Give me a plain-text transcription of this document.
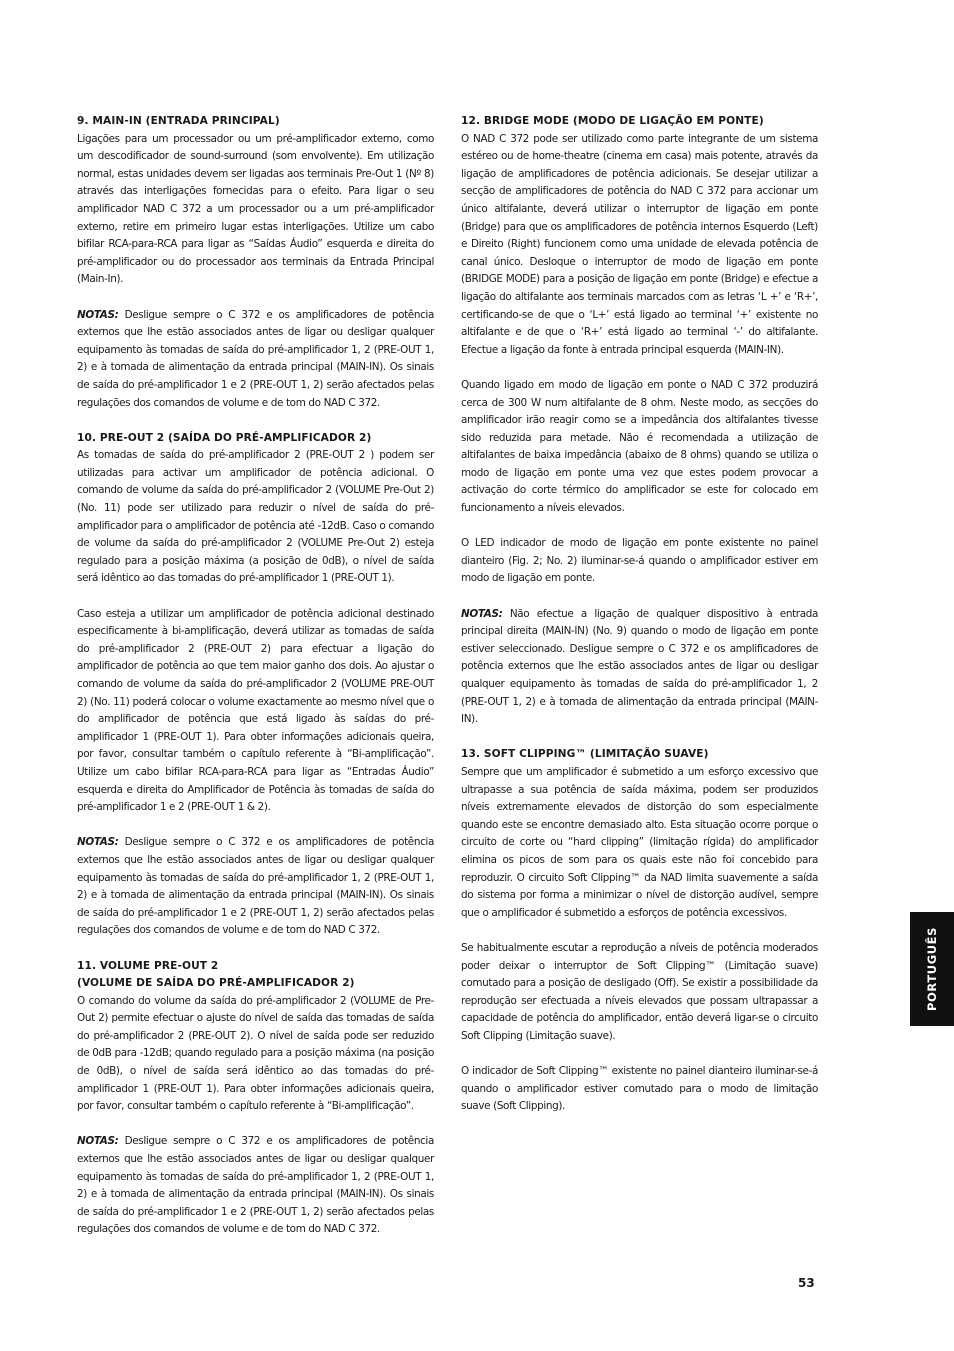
9. MAIN-IN (ENTRADA PRINCIPAL)

Ligações para um processador ou um pré-amplificador externo, como um descodificador de sound-surround (som envolvente). Em utilização normal, estas unidades devem ser ligadas aos terminais Pre-Out 1 (Nº 8) através das interligações fornecidas para o efeito. Para ligar o seu amplificador NAD C 372 a um processador ou a um pré-amplificador externo, retire em primeiro lugar estas interligações. Utilize um cabo bifilar RCA-para-RCA para ligar as “Saídas Áudio” esquerda e direita do pré-amplificador ou do processador aos terminais da Entrada Principal (Main-In).

NOTAS: Desligue sempre o C 372 e os amplificadores de potência externos que lhe estão associados antes de ligar ou desligar qualquer equipamento às tomadas de saída do pré-amplificador 1, 2 (PRE-OUT 1, 2) e à tomada de alimentação da entrada principal (MAIN-IN). Os sinais de saída do pré-amplificador 1 e 2 (PRE-OUT 1, 2) serão afectados pelas regulações dos comandos de volume e de tom do NAD C 372.

10. PRE-OUT 2 (SAÍDA DO PRÉ-AMPLIFICADOR 2)

As tomadas de saída do pré-amplificador 2 (PRE-OUT 2 ) podem ser utilizadas para activar um amplificador de potência adicional. O comando de volume da saída do pré-amplificador 2 (VOLUME Pre-Out 2) (No. 11) pode ser utilizado para reduzir o nível de saída do pré-amplificador para o amplificador de potência até -12dB. Caso o comando de volume da saída do pré-amplificador 2 (VOLUME Pre-Out 2) esteja regulado para a posição máxima (a posição de 0dB), o nível de saída será idêntico ao das tomadas do pré-amplificador 1 (PRE-OUT 1).

Caso esteja a utilizar um amplificador de potência adicional destinado especificamente à bi-amplificação, deverá utilizar as tomadas de saída do pré-amplificador 2 (PRE-OUT 2) para efectuar a ligação do amplificador de potência ao que tem maior ganho dos dois. Ao ajustar o comando de volume da saída do pré-amplificador 2 (VOLUME PRE-OUT 2) (No. 11) poderá colocar o volume exactamente ao mesmo nível que o do amplificador de potência que está ligado às saídas do pré-amplificador 1 (PRE-OUT 1). Para obter informações adicionais queira, por favor, consultar também o capítulo referente à “Bi-amplificação”. Utilize um cabo bifilar RCA-para-RCA para ligar as “Entradas Áudio” esquerda e direita do Amplificador de Potência às tomadas de saída do pré-amplificador 1 e 2 (PRE-OUT 1 & 2).

NOTAS: Desligue sempre o C 372 e os amplificadores de potência externos que lhe estão associados antes de ligar ou desligar qualquer equipamento às tomadas de saída do pré-amplificador 1, 2 (PRE-OUT 1, 2) e à tomada de alimentação da entrada principal (MAIN-IN). Os sinais de saída do pré-amplificador 1 e 2 (PRE-OUT 1, 2) serão afectados pelas regulações dos comandos de volume e de tom do NAD C 372.

11. VOLUME PRE-OUT 2
(VOLUME DE SAÍDA DO PRÉ-AMPLIFICADOR 2)

O comando do volume da saída do pré-amplificador 2 (VOLUME de Pre-Out 2) permite efectuar o ajuste do nível de saída das tomadas de saída do pré-amplificador 2 (PRE-OUT 2). O nível de saída pode ser reduzido de 0dB para -12dB; quando regulado para a posição máxima (na posição de 0dB), o nível de saída será idêntico ao das tomadas do pré-amplificador 1 (PRE-OUT 1). Para obter informações adicionais queira, por favor, consultar também o capítulo referente à “Bi-amplificação”.

NOTAS: Desligue sempre o C 372 e os amplificadores de potência externos que lhe estão associados antes de ligar ou desligar qualquer equipamento às tomadas de saída do pré-amplificador 1, 2 (PRE-OUT 1, 2) e à tomada de alimentação da entrada principal (MAIN-IN). Os sinais de saída do pré-amplificador 1 e 2 (PRE-OUT 1, 2) serão afectados pelas regulações dos comandos de volume e de tom do NAD C 372.

12. BRIDGE MODE (MODO DE LIGAÇÃO EM PONTE)

O NAD C 372 pode ser utilizado como parte integrante de um sistema estéreo ou de home-theatre (cinema em casa) mais potente, através da ligação de amplificadores de potência adicionais. Se desejar utilizar a secção de amplificadores de potência do NAD C 372 para accionar um único altifalante, deverá utilizar o interruptor de ligação em ponte (Bridge) para que os amplificadores de potência internos Esquerdo (Left) e Direito (Right) funcionem como uma unidade de elevada potência de canal único. Desloque o interruptor de modo de ligação em ponte (BRIDGE MODE) para a posição de ligação em ponte (Bridge) e efectue a ligação do altifalante aos terminais marcados com as letras ‘L +’ e ‘R+’, certificando-se de que o ‘L+’ está ligado ao terminal ‘+’ existente no altifalante e de que o ‘R+’ está ligado ao terminal ‘-’ do altifalante. Efectue a ligação da fonte à entrada principal esquerda (MAIN-IN).

Quando ligado em modo de ligação em ponte o NAD C 372 produzirá cerca de 300 W num altifalante de 8 ohm. Neste modo, as secções do amplificador irão reagir como se a impedância dos altifalantes tivesse sido reduzida para metade. Não é recomendada a utilização de altifalantes de baixa impedância (abaixo de 8 ohms) quando se utiliza o modo de ligação em ponte uma vez que estes podem provocar a activação do corte térmico do amplificador se este for colocado em funcionamento a níveis elevados.

O LED indicador de modo de ligação em ponte existente no painel dianteiro (Fig. 2; No. 2) iluminar-se-á quando o amplificador estiver em modo de ligação em ponte.

NOTAS: Não efectue a ligação de qualquer dispositivo à entrada principal direita (MAIN-IN) (No. 9) quando o modo de ligação em ponte estiver seleccionado. Desligue sempre o C 372 e os amplificadores de potência externos que lhe estão associados antes de ligar ou desligar qualquer equipamento às tomadas de saída do pré-amplificador 1, 2 (PRE-OUT 1, 2) e à tomada de alimentação da entrada principal (MAIN-IN).

13. SOFT CLIPPING™ (LIMITAÇÃO SUAVE)

Sempre que um amplificador é submetido a um esforço excessivo que ultrapasse a sua potência de saída máxima, podem ser produzidos níveis extremamente elevados de distorção do som especialmente quando este se encontre demasiado alto. Esta situação ocorre porque o circuito de corte ou “hard clipping” (limitação rígida) do amplificador elimina os picos de som para os quais este não foi concebido para reproduzir. O circuito Soft Clipping™ da NAD limita suavemente a saída do sistema por forma a minimizar o nível de distorção audível, sempre que o amplificador é submetido a esforços de potência excessivos.

Se habitualmente escutar a reprodução a níveis de potência moderados poder deixar o interruptor de Soft Clipping™ (Limitação suave) comutado para a posição de desligado (Off). Se existir a possibilidade da reprodução ser efectuada a níveis elevados que possam ultrapassar a capacidade de potência do amplificador, então deverá ligar-se o circuito Soft Clipping (Limitação suave).

O indicador de Soft Clipping™ existente no painel dianteiro iluminar-se-á quando o amplificador estiver comutado para o modo de limitação suave (Soft Clipping).

PORTUGUÊS
53
